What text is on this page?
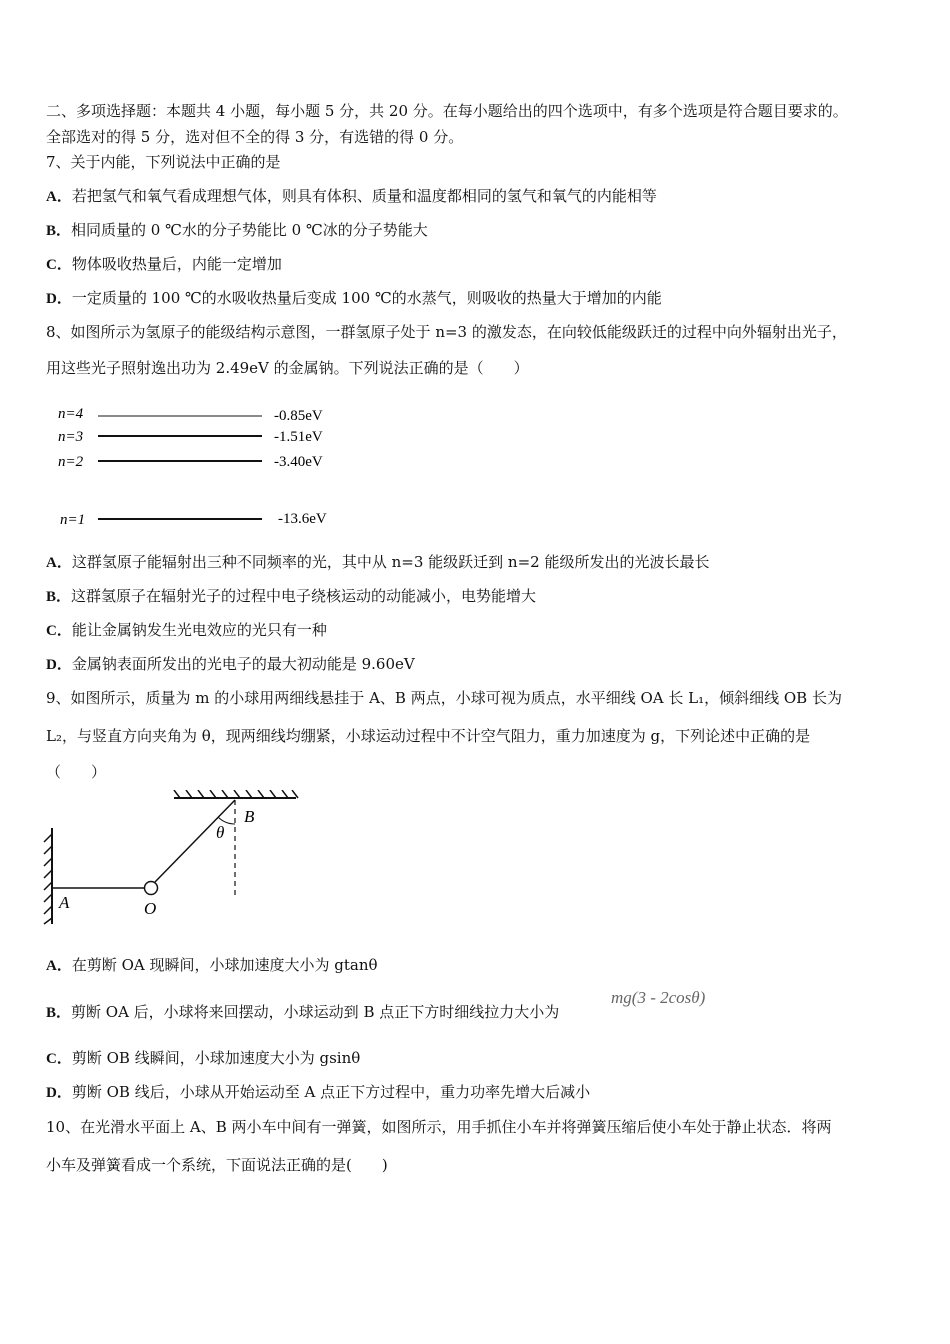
二、多项选择题：本题共 4 小题，每小题 5 分，共 20 分。在每小题给出的四个选项中，有多个选项是符合题目要求的。
全部选对的得 5 分，选对但不全的得 3 分，有选错的得 0 分。
7、关于内能，下列说法中正确的是
A．若把氢气和氧气看成理想气体，则具有体积、质量和温度都相同的氢气和氧气的内能相等
B．相同质量的 0 ℃水的分子势能比 0 ℃冰的分子势能大
C．物体吸收热量后，内能一定增加
D．一定质量的 100 ℃的水吸收热量后变成 100 ℃的水蒸气，则吸收的热量大于增加的内能
8、如图所示为氢原子的能级结构示意图，一群氢原子处于 n=3 的激发态，在向较低能级跃迁的过程中向外辐射出光子，
用这些光子照射逸出功为 2.49eV 的金属钠。下列说法正确的是（　　）
n=4	-0.85eV
n=3	-1.51eV
n=2	-3.40eV
n=1	-13.6eV
A．这群氢原子能辐射出三种不同频率的光，其中从 n=3 能级跃迁到 n=2 能级所发出的光波长最长
B．这群氢原子在辐射光子的过程中电子绕核运动的动能减小，电势能增大
C．能让金属钠发生光电效应的光只有一种
D．金属钠表面所发出的光电子的最大初动能是 9.60eV
9、如图所示，质量为 m 的小球用两细线悬挂于 A、B 两点，小球可视为质点，水平细线 OA 长 L₁，倾斜细线 OB 长为
L₂，与竖直方向夹角为 θ，现两细线均绷紧，小球运动过程中不计空气阻力，重力加速度为 g，下列论述中正确的是
（　　）
A	O
B
θ
A．在剪断 OA 现瞬间，小球加速度大小为 gtanθ
B．剪断 OA 后，小球将来回摆动，小球运动到 B 点正下方时细线拉力大小为
mg(3 - 2cosθ)
C．剪断 OB 线瞬间，小球加速度大小为 gsinθ
D．剪断 OB 线后，小球从开始运动至 A 点正下方过程中，重力功率先增大后减小
10、在光滑水平面上 A、B 两小车中间有一弹簧，如图所示，用手抓住小车并将弹簧压缩后使小车处于静止状态．将两
小车及弹簧看成一个系统，下面说法正确的是(　　)
